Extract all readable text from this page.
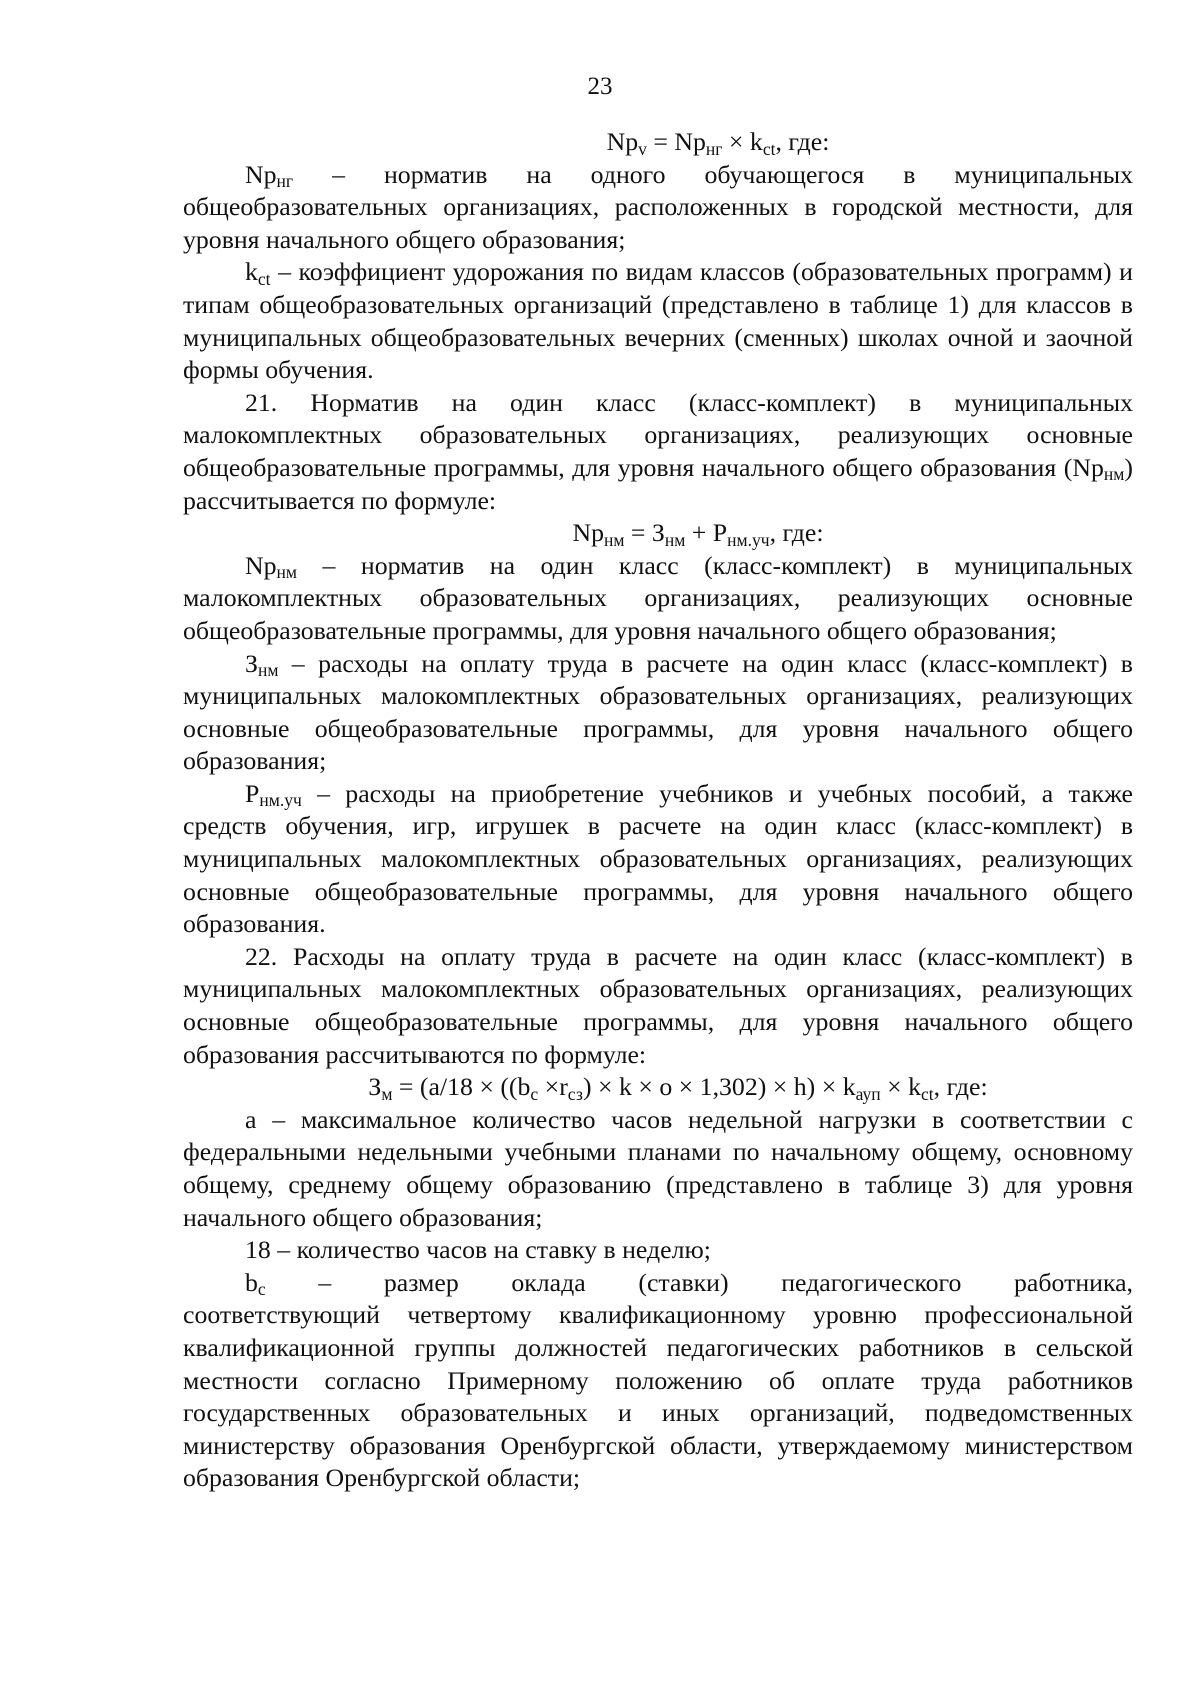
23

Npv = Npнг × kct, где:

Npнг – норматив на одного обучающегося в муниципальных общеобразовательных организациях, расположенных в городской местности, для уровня начального общего образования;

kct – коэффициент удорожания по видам классов (образовательных программ) и типам общеобразовательных организаций (представлено в таблице 1) для классов в муниципальных общеобразовательных вечерних (сменных) школах очной и заочной формы обучения.

21. Норматив на один класс (класс-комплект) в муниципальных малокомплектных образовательных организациях, реализующих основные общеобразовательные программы, для уровня начального общего образования (Npнм) рассчитывается по формуле:

Npнм = Знм + Рнм.уч, где:

Npнм – норматив на один класс (класс-комплект) в муниципальных малокомплектных образовательных организациях, реализующих основные общеобразовательные программы, для уровня начального общего образования;

Знм – расходы на оплату труда в расчете на один класс (класс-комплект) в муниципальных малокомплектных образовательных организациях, реализующих основные общеобразовательные программы, для уровня начального общего образования;

Рнм.уч – расходы на приобретение учебников и учебных пособий, а также средств обучения, игр, игрушек в расчете на один класс (класс-комплект) в муниципальных малокомплектных образовательных организациях, реализующих основные общеобразовательные программы, для уровня начального общего образования.

22. Расходы на оплату труда в расчете на один класс (класс-комплект) в муниципальных малокомплектных образовательных организациях, реализующих основные общеобразовательные программы, для уровня начального общего образования рассчитываются по формуле:

Зм = (а/18 × ((bс ×rсз) × k × o × 1,302) × h) × kауп × kct, где:

а – максимальное количество часов недельной нагрузки в соответствии с федеральными недельными учебными планами по начальному общему, основному общему, среднему общему образованию (представлено в таблице 3) для уровня начального общего образования;

18 – количество часов на ставку в неделю;

bс – размер оклада (ставки) педагогического работника,

соответствующий четвертому квалификационному уровню профессиональной квалификационной группы должностей педагогических работников в сельской местности согласно Примерному положению об оплате труда работников государственных образовательных и иных организаций, подведомственных министерству образования Оренбургской области, утверждаемому министерством образования Оренбургской области;
